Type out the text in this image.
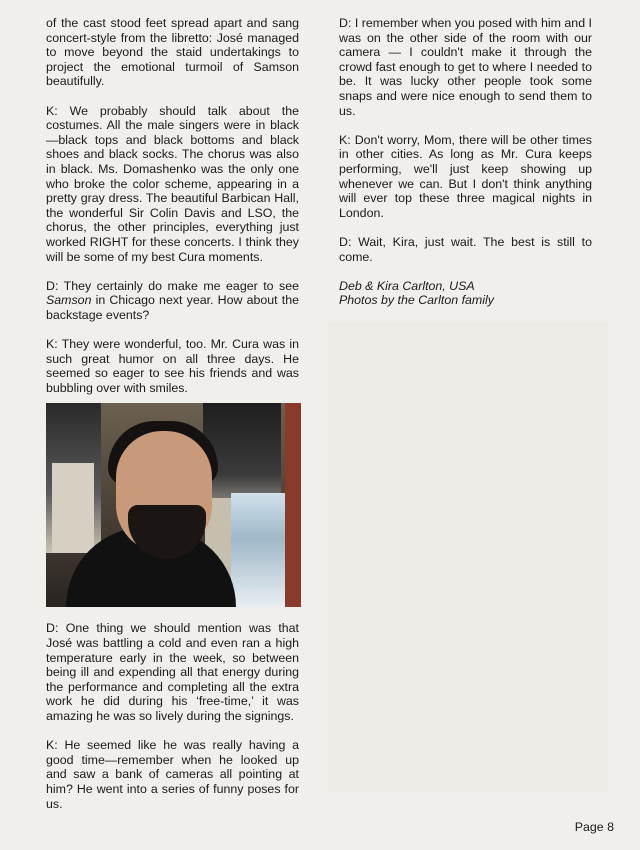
of the cast stood feet spread apart and sang concert-style from the libretto: José managed to move beyond the staid undertakings to project the emotional turmoil of Samson beautifully.

K: We probably should talk about the costumes. All the male singers were in black—black tops and black bottoms and black shoes and black socks. The chorus was also in black. Ms. Domashenko was the only one who broke the color scheme, appearing in a pretty gray dress. The beautiful Barbican Hall, the wonderful Sir Colin Davis and LSO, the chorus, the other principles, everything just worked RIGHT for these concerts. I think they will be some of my best Cura moments.

D: They certainly do make me eager to see Samson in Chicago next year. How about the backstage events?

K: They were wonderful, too. Mr. Cura was in such great humor on all three days. He seemed so eager to see his friends and was bubbling over with smiles.

D: One thing we should mention was that José was battling a cold and even ran a high temperature early in the week, so between being ill and expending all that energy during the performance and completing all the extra work he did during his ‘free-time,’ it was amazing he was so lively during the signings.

K: He seemed like he was really having a good time—remember when he looked up and saw a bank of cameras all pointing at him? He went into a series of funny poses for us.

D: I remember when you posed with him and I was on the other side of the room with our camera — I couldn't make it through the crowd fast enough to get to where I needed to be. It was lucky other people took some snaps and were nice enough to send them to us.

K: Don't worry, Mom, there will be other times in other cities. As long as Mr. Cura keeps performing, we'll just keep showing up whenever we can. But I don't think anything will ever top these three magical nights in London.

D: Wait, Kira, just wait. The best is still to come.

Deb & Kira Carlton, USA
Photos by the Carlton family
Page 8
